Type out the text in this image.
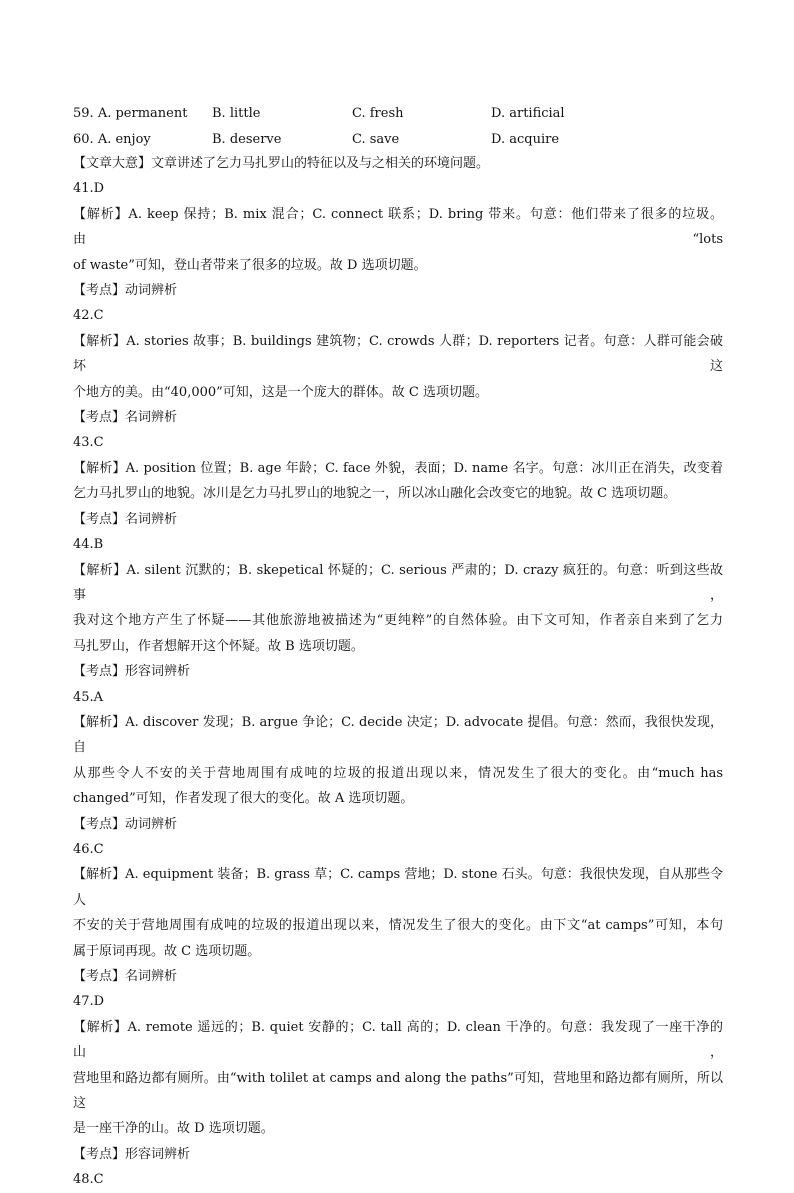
59. A. permanent B. little	C. fresh	D. artificial
60. A. enjoy	B. deserve	C. save	D. acquire
【文章大意】文章讲述了乞力马扎罗山的特征以及与之相关的环境问题。
41.D
【解析】A. keep 保持；B. mix 混合；C. connect 联系；D. bring 带来。句意：他们带来了很多的垃圾。由“lots
of waste”可知，登山者带来了很多的垃圾。故 D 选项切题。
【考点】动词辨析
42.C
【解析】A. stories 故事；B. buildings 建筑物；C. crowds 人群；D. reporters 记者。句意：人群可能会破坏这
个地方的美。由“40,000”可知，这是一个庞大的群体。故 C 选项切题。
【考点】名词辨析
43.C
【解析】A. position 位置；B. age 年龄；C. face 外貌，表面；D. name 名字。句意：冰川正在消失，改变着
乞力马扎罗山的地貌。冰川是乞力马扎罗山的地貌之一，所以冰山融化会改变它的地貌。故 C 选项切题。
【考点】名词辨析
44.B
【解析】A. silent 沉默的；B. skepetical 怀疑的；C. serious 严肃的；D. crazy 疯狂的。句意：听到这些故事，
我对这个地方产生了怀疑——其他旅游地被描述为“更纯粹”的自然体验。由下文可知，作者亲自来到了乞力
马扎罗山，作者想解开这个怀疑。故 B 选项切题。
【考点】形容词辨析
45.A
【解析】A. discover 发现；B. argue 争论；C. decide 决定；D. advocate 提倡。句意：然而，我很快发现，自
从那些令人不安的关于营地周围有成吨的垃圾的报道出现以来，情况发生了很大的变化。由“much has
changed”可知，作者发现了很大的变化。故 A 选项切题。
【考点】动词辨析
46.C
【解析】A. equipment 装备；B. grass 草；C. camps 营地；D. stone 石头。句意：我很快发现，自从那些令人
不安的关于营地周围有成吨的垃圾的报道出现以来，情况发生了很大的变化。由下文“at camps”可知，本句
属于原词再现。故 C 选项切题。
【考点】名词辨析
47.D
【解析】A. remote 遥远的；B. quiet 安静的；C. tall 高的；D. clean 干净的。句意：我发现了一座干净的山，
营地里和路边都有厕所。由“with tolilet at camps and along the paths”可知，营地里和路边都有厕所，所以这
是一座干净的山。故 D 选项切题。
【考点】形容词辨析
48.C
